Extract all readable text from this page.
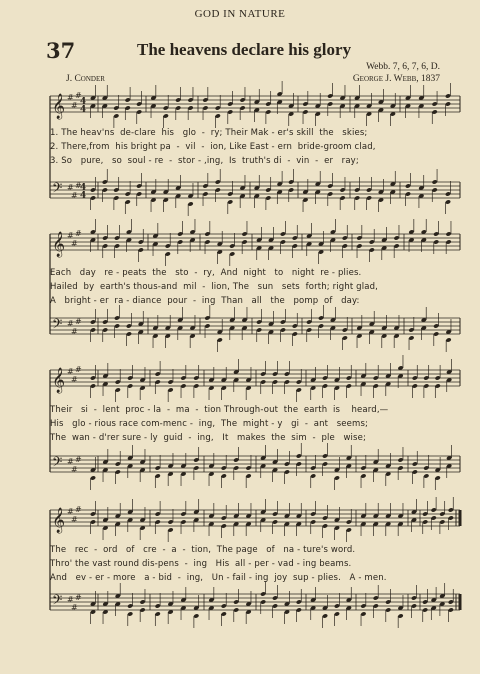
GOD IN NATURE
37	The heavens declare his glory
Webb. 7, 6, 7, 6, D.
J. Conder	George J. Webb, 1837
𝄞 #
#
#
4
4
𝄢 #
#
#
4
4
𝄞 #
#
#
𝄢 #
#
#
𝄞 #
#
#
𝄢 #
#
#
𝄞 #
#
#
𝄢 #
#
#
1. The heav'ns  de-clare  his   glo  -  ry; Their Mak - er's skill  the   skies;
2. There,from  his bright pa  -  vil  -  ion, Like East - ern  bride-groom clad,
3. So   pure,   so  soul - re  -  stor - ,ing,  Is  truth's di  -  vin  -  er   ray;
Each   day   re - peats  the   sto  -  ry,  And  night   to   night  re - plies.
Hailed  by  earth's thous-and  mil  -  lion, The   sun   sets  forth; right glad,
A   bright - er  ra - diance  pour  -  ing  Than   all   the   pomp  of   day:
Their   si  -  lent  proc - la  -  ma  -  tion Through-out  the  earth  is    heard,—
His   glo - rious race com-menc -  ing,  The  might - y   gi  -  ant   seems;
The  wan - d'rer sure - ly  guid  -  ing,   It   makes  the  sim  -  ple   wise;
The   rec  -  ord   of   cre  -  a  -  tion,  The page   of   na - ture's word.
Thro' the vast round dis-pens  -  ing   His  all - per - vad - ing beams.
And   ev - er - more   a - bid  -  ing,   Un - fail - ing  joy  sup - plies.   A - men.
